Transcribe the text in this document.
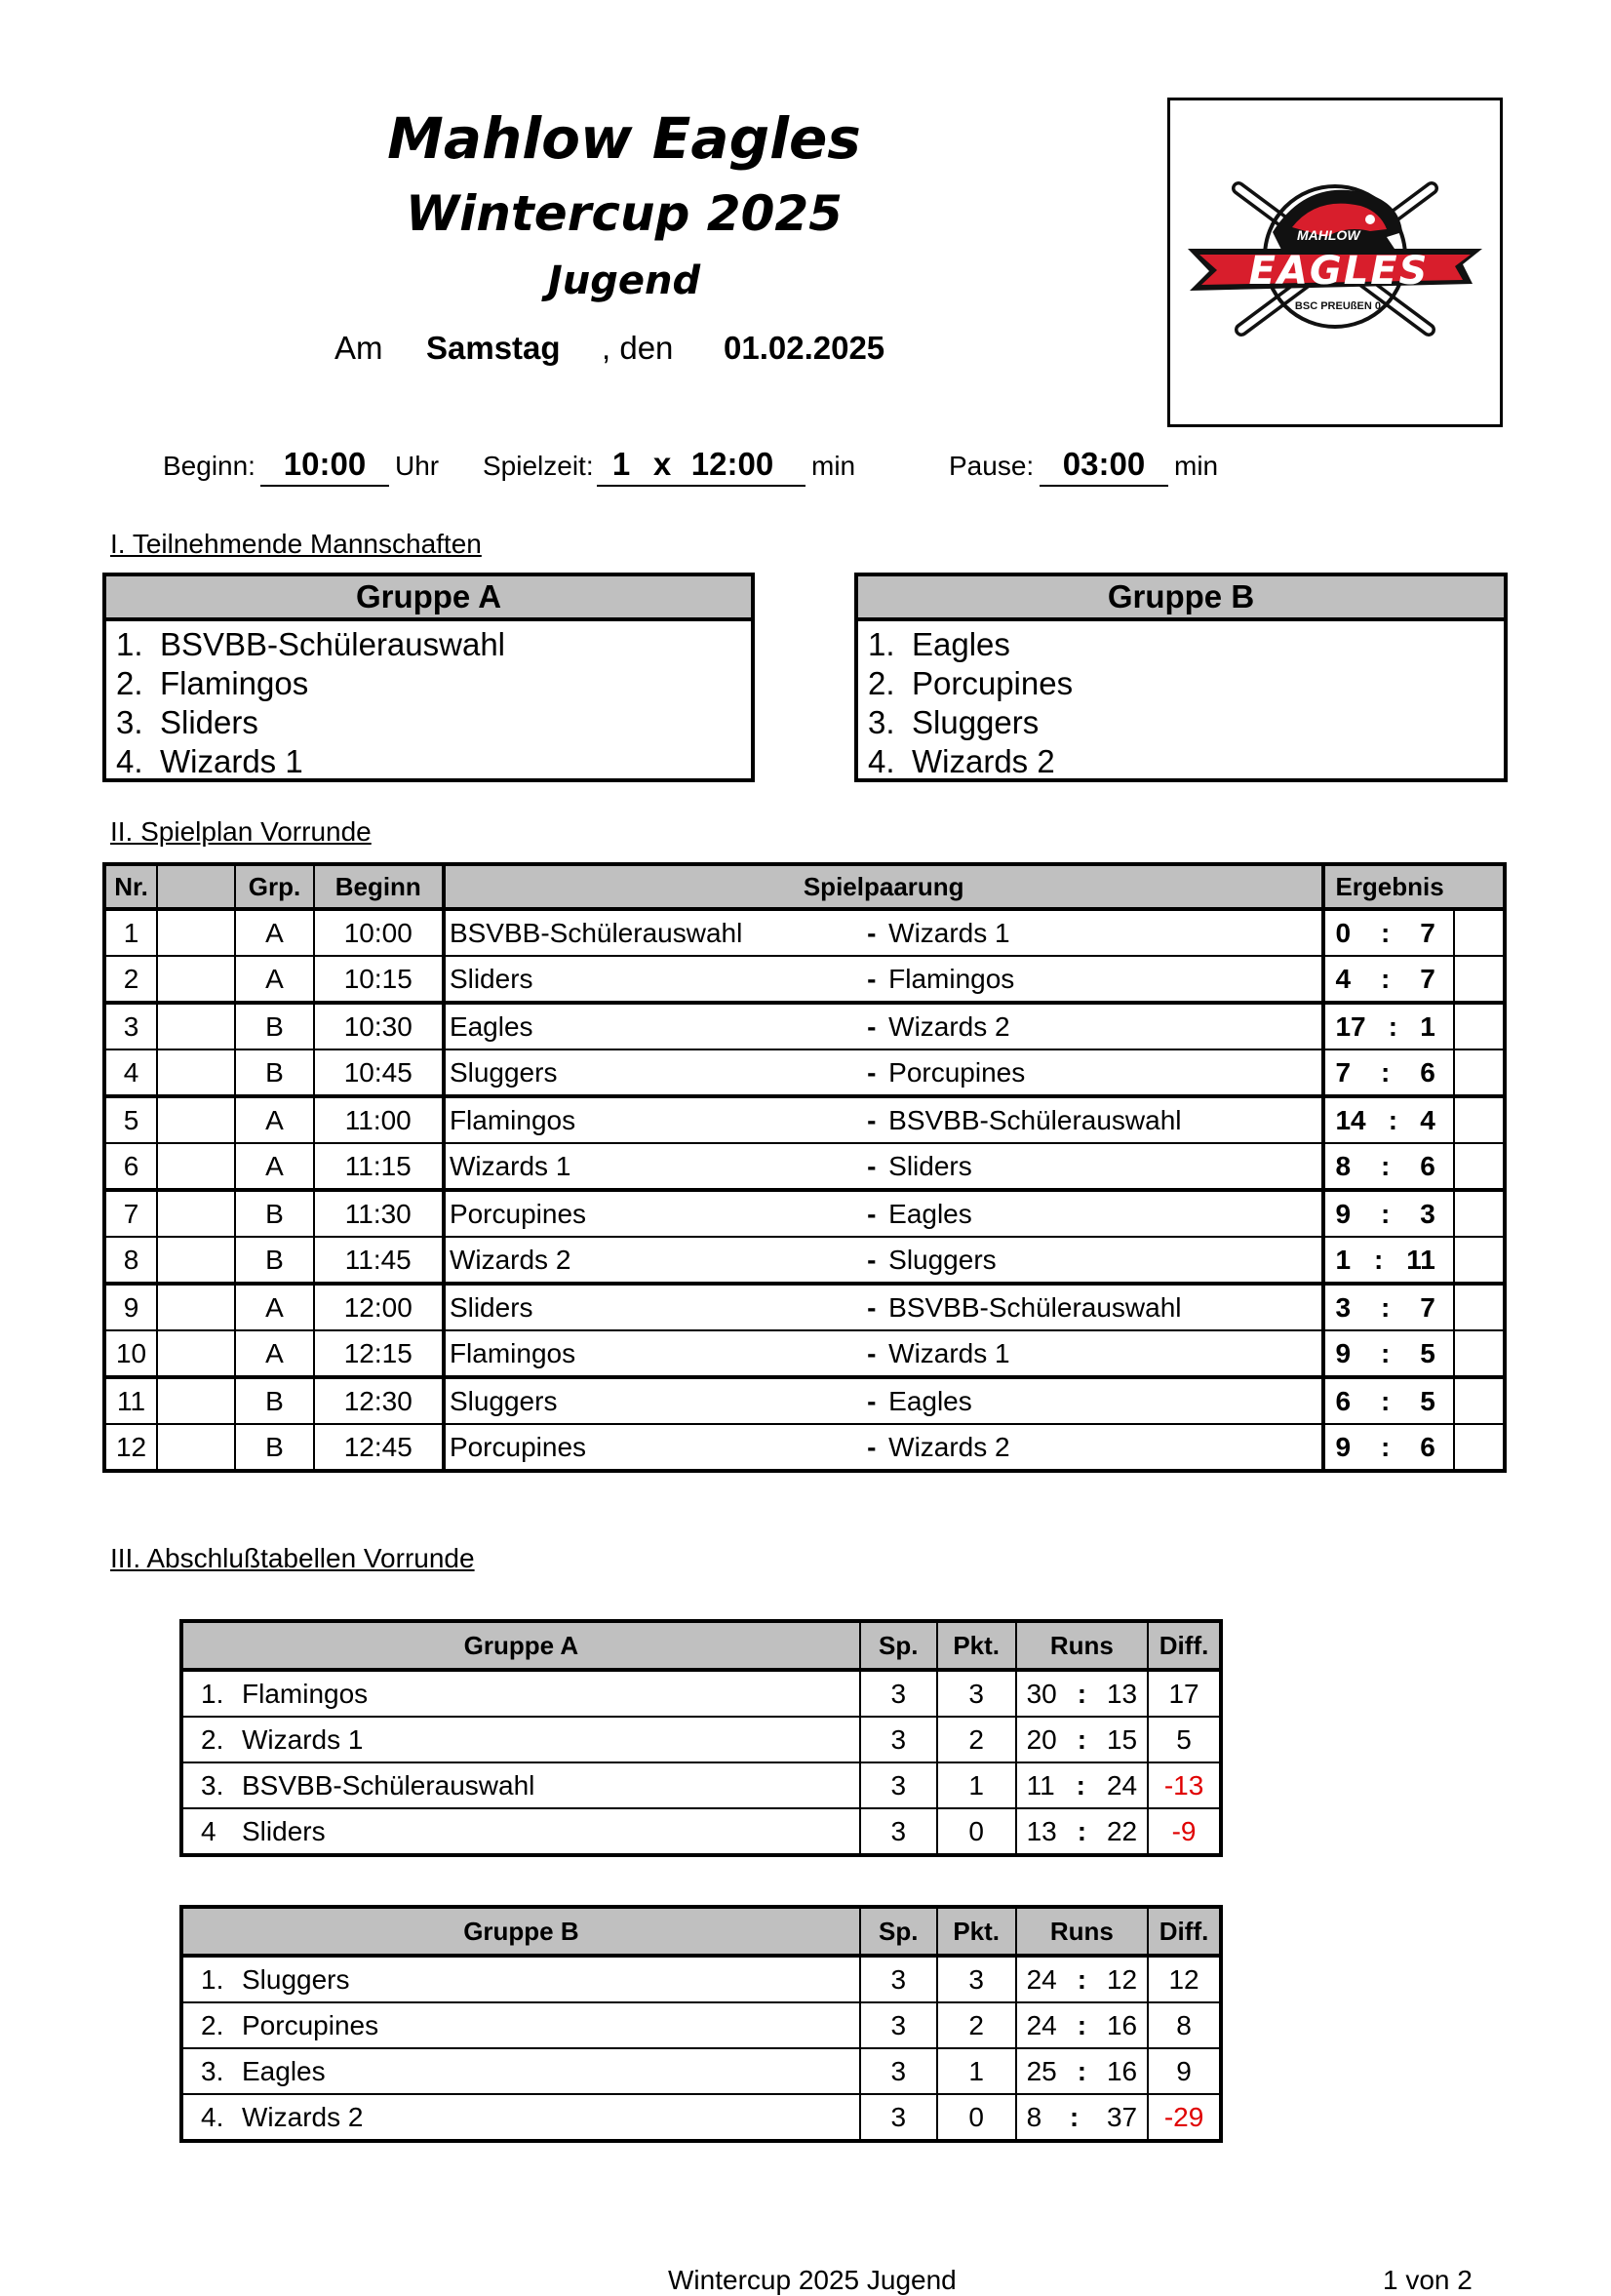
Mahlow Eagles
Wintercup 2025
Jugend
Am Samstag , den 01.02.2025
MAHLOW
EAGLES
BSC PREUßEN 07
Beginn: 10:00	Uhr Spielzeit: 1 x 12:00	min	Pause: 03:00	min
I. Teilnehmende Mannschaften
Gruppe A
1. BSVBB-Schülerauswahl
2. Flamingos
3. Sliders
4. Wizards 1
Gruppe B
1. Eagles
2. Porcupines
3. Sluggers
4. Wizards 2
II. Spielplan Vorrunde
Nr.		Grp.	Beginn	Spielpaarung		Ergebnis	
1		A	10:00	BSVBB-Schülerauswahl	- Wizards 1	0 : 7	

2		A	10:15	Sliders	- Flamingos	4 : 7	

3		B	10:30	Eagles	- Wizards 2	17 : 1	

4		B	10:45	Sluggers	- Porcupines	7 : 6	

5		A	11:00	Flamingos	- BSVBB-Schülerauswahl	14 : 4	

6		A	11:15	Wizards 1	- Sliders	8 : 6	

7		B	11:30	Porcupines	- Eagles	9 : 3	

8		B	11:45	Wizards 2	- Sluggers	1 : 11	

9		A	12:00	Sliders	- BSVBB-Schülerauswahl	3 : 7	

10		A	12:15	Flamingos	- Wizards 1	9 : 5	

11		B	12:30	Sluggers	- Eagles	6 : 5	

12		B	12:45	Porcupines	- Wizards 2	9 : 6	

III. Abschlußtabellen Vorrunde
Gruppe A	Sp.	Pkt.	Runs	Diff.
1. Flamingos	3	3	30 : 13	17
2. Wizards 1	3	2	20 : 15	5
3. BSVBB-Schülerauswahl	3	1	11 : 24	-13
4 Sliders	3	0	13 : 22	-9
Gruppe B	Sp.	Pkt.	Runs	Diff.
1. Sluggers	3	3	24 : 12	12
2. Porcupines	3	2	24 : 16	8
3. Eagles	3	1	25 : 16	9
4. Wizards 2	3	0	8 : 37	-29
Wintercup 2025 Jugend	1 von 2
